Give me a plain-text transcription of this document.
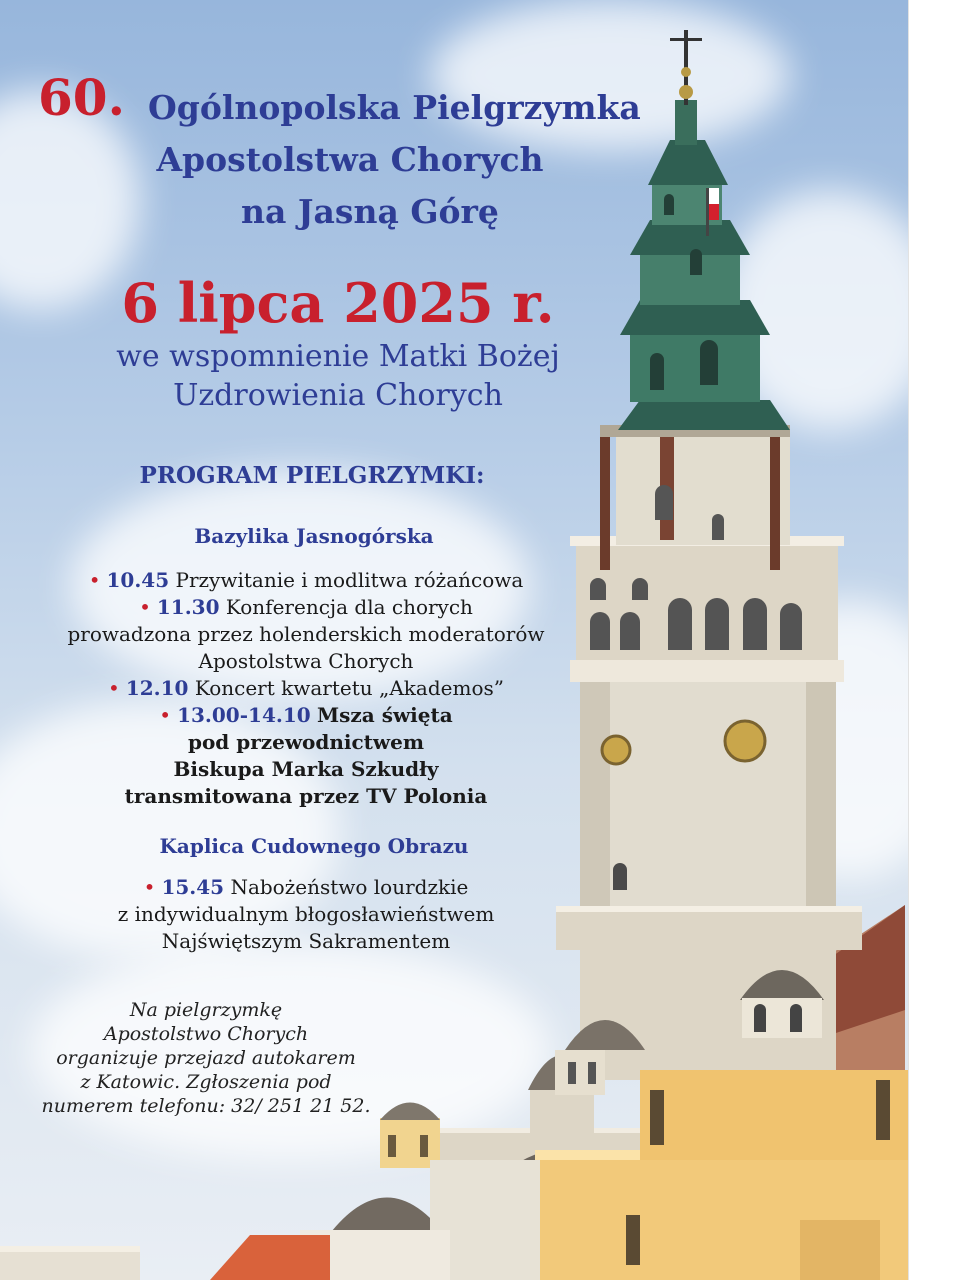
60. Ogólnopolska Pielgrzymka
Apostolstwa Chorych
na Jasną Górę
6 lipca 2025 r.
we wspomnienie Matki Bożej
Uzdrowienia Chorych
PROGRAM PIELGRZYMKI:
Bazylika Jasnogórska
• 10.45 Przywitanie i modlitwa różańcowa
• 11.30 Konferencja dla chorych
prowadzona przez holenderskich moderatorów
Apostolstwa Chorych
• 12.10 Koncert kwartetu „Akademos”
• 13.00-14.10 Msza święta
pod przewodnictwem
Biskupa Marka Szkudły
transmitowana przez TV Polonia
Kaplica Cudownego Obrazu
• 15.45 Nabożeństwo lourdzkie
z indywidualnym błogosławieństwem
Najświętszym Sakramentem
Na pielgrzymkę
Apostolstwo Chorych
organizuje przejazd autokarem
z Katowic. Zgłoszenia pod
numerem telefonu: 32/ 251 21 52.
